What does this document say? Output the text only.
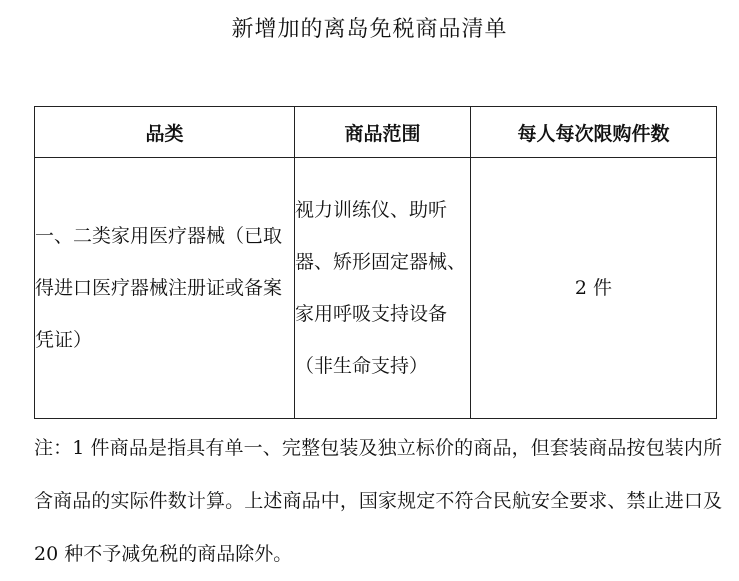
新增加的离岛免税商品清单
品类	商品范围	每人每次限购件数
一、二类家用医疗器械（已取得进口医疗器械注册证或备案凭证）	视力训练仪、助听器、矫形固定器械、家用呼吸支持设备（非生命支持）	2 件
注：1 件商品是指具有单一、完整包装及独立标价的商品，但套装商品按包装内所含商品的实际件数计算。上述商品中，国家规定不符合民航安全要求、禁止进口及 20 种不予减免税的商品除外。
